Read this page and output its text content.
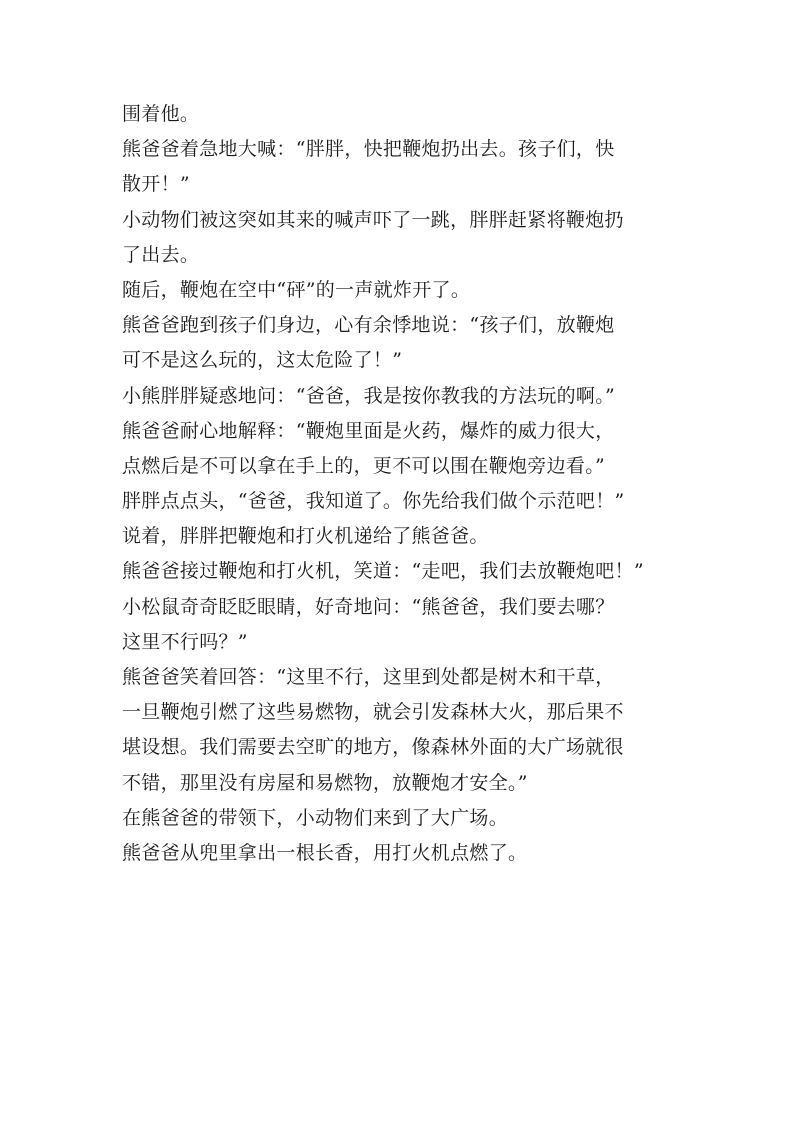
围着他。
熊爸爸着急地大喊：“胖胖，快把鞭炮扔出去。孩子们，快
散开！”
小动物们被这突如其来的喊声吓了一跳，胖胖赶紧将鞭炮扔
了出去。
随后，鞭炮在空中“砰”的一声就炸开了。
熊爸爸跑到孩子们身边，心有余悸地说：“孩子们，放鞭炮
可不是这么玩的，这太危险了！”
小熊胖胖疑惑地问：“爸爸，我是按你教我的方法玩的啊。”
熊爸爸耐心地解释：“鞭炮里面是火药，爆炸的威力很大，
点燃后是不可以拿在手上的，更不可以围在鞭炮旁边看。”
胖胖点点头，“爸爸，我知道了。你先给我们做个示范吧！”
说着，胖胖把鞭炮和打火机递给了熊爸爸。
熊爸爸接过鞭炮和打火机，笑道：“走吧，我们去放鞭炮吧！”
小松鼠奇奇眨眨眼睛，好奇地问：“熊爸爸，我们要去哪？
这里不行吗？”
熊爸爸笑着回答：“这里不行，这里到处都是树木和干草，
一旦鞭炮引燃了这些易燃物，就会引发森林大火，那后果不
堪设想。我们需要去空旷的地方，像森林外面的大广场就很
不错，那里没有房屋和易燃物，放鞭炮才安全。”
在熊爸爸的带领下，小动物们来到了大广场。
熊爸爸从兜里拿出一根长香，用打火机点燃了。
